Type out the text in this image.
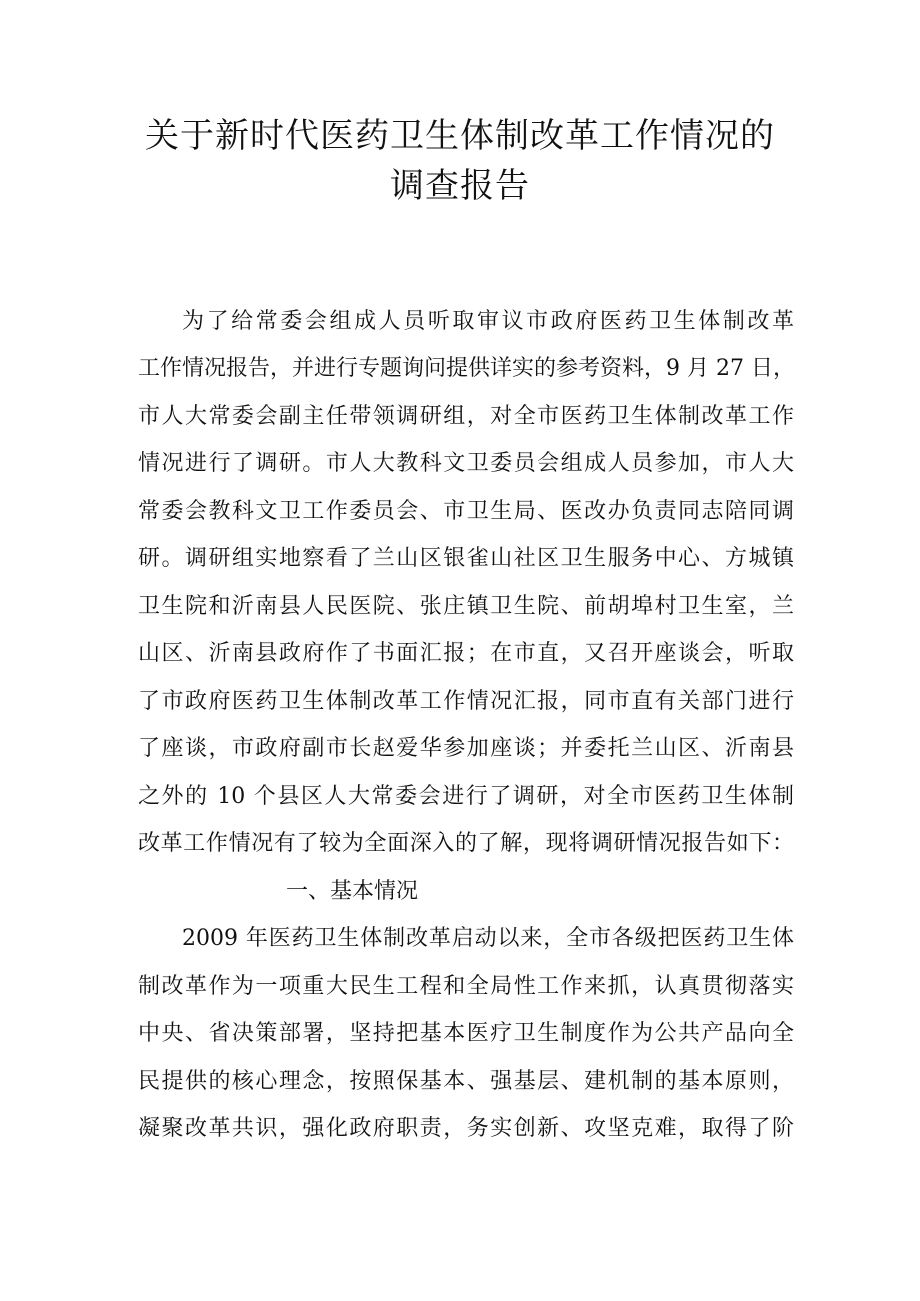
关于新时代医药卫生体制改革工作情况的
调查报告
为了给常委会组成人员听取审议市政府医药卫生体制改革
工作情况报告，并进行专题询问提供详实的参考资料，9 月 27 日，
市人大常委会副主任带领调研组，对全市医药卫生体制改革工作
情况进行了调研。市人大教科文卫委员会组成人员参加，市人大
常委会教科文卫工作委员会、市卫生局、医改办负责同志陪同调
研。调研组实地察看了兰山区银雀山社区卫生服务中心、方城镇
卫生院和沂南县人民医院、张庄镇卫生院、前胡埠村卫生室，兰
山区、沂南县政府作了书面汇报；在市直，又召开座谈会，听取
了市政府医药卫生体制改革工作情况汇报，同市直有关部门进行
了座谈，市政府副市长赵爱华参加座谈；并委托兰山区、沂南县
之外的 10 个县区人大常委会进行了调研，对全市医药卫生体制
改革工作情况有了较为全面深入的了解，现将调研情况报告如下：
一、基本情况
2009 年医药卫生体制改革启动以来，全市各级把医药卫生体
制改革作为一项重大民生工程和全局性工作来抓，认真贯彻落实
中央、省决策部署，坚持把基本医疗卫生制度作为公共产品向全
民提供的核心理念，按照保基本、强基层、建机制的基本原则，
凝聚改革共识，强化政府职责，务实创新、攻坚克难，取得了阶
